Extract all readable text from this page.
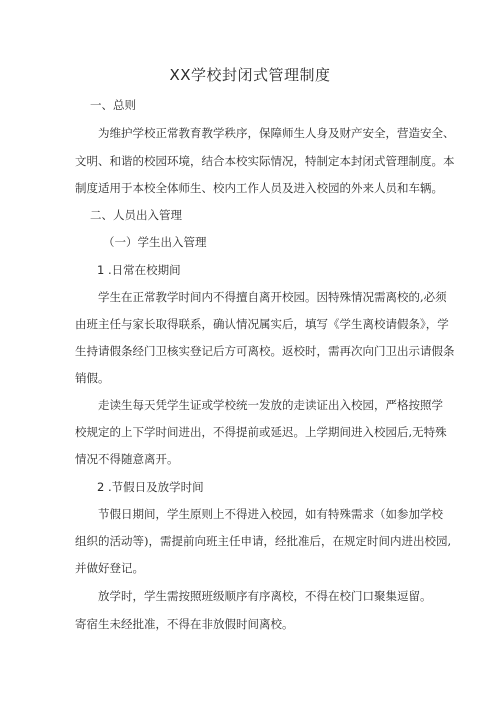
XX学校封闭式管理制度
一、总则
为维护学校正常教育教学秩序，保障师生人身及财产安全，营造安全、
文明、和谐的校园环境，结合本校实际情况，特制定本封闭式管理制度。本
制度适用于本校全体师生、校内工作人员及进入校园的外来人员和车辆。
二、人员出入管理
（一）学生出入管理
1 .日常在校期间
学生在正常教学时间内不得擅自离开校园。因特殊情况需离校的,必须
由班主任与家长取得联系，确认情况属实后，填写《学生离校请假条》，学
生持请假条经门卫核实登记后方可离校。返校时，需再次向门卫出示请假条
销假。
走读生每天凭学生证或学校统一发放的走读证出入校园，严格按照学
校规定的上下学时间进出，不得提前或延迟。上学期间进入校园后,无特殊
情况不得随意离开。
2 .节假日及放学时间
节假日期间，学生原则上不得进入校园，如有特殊需求（如参加学校
组织的活动等)，需提前向班主任申请，经批准后，在规定时间内进出校园,
并做好登记。
放学时，学生需按照班级顺序有序离校，不得在校门口聚集逗留。
寄宿生未经批准，不得在非放假时间离校。
